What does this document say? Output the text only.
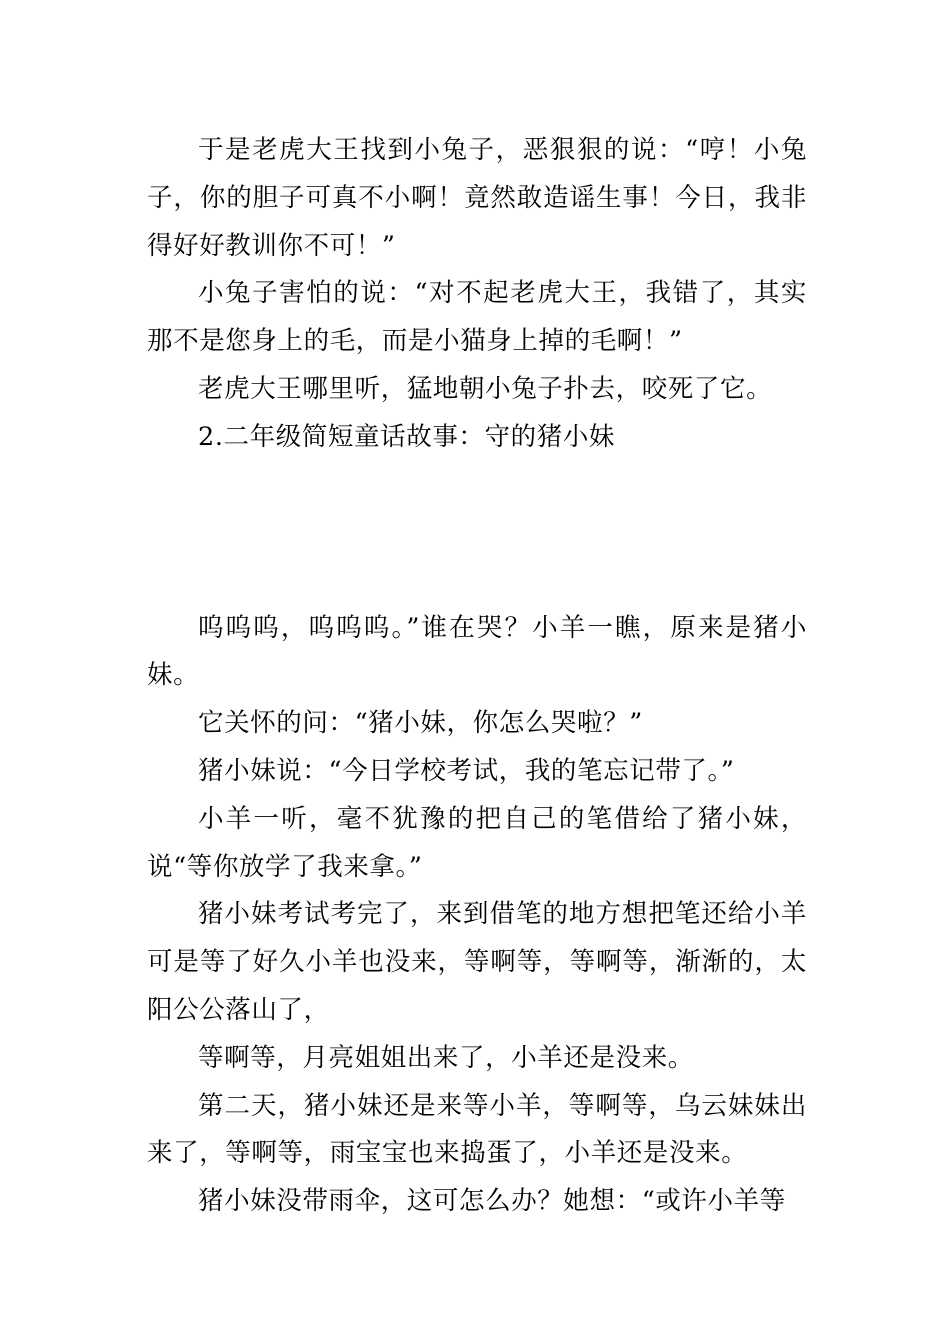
于是老虎大王找到小兔子，恶狠狠的说：“哼！小兔子，你的胆子可真不小啊！竟然敢造谣生事！今日，我非得好好教训你不可！”

小兔子害怕的说：“对不起老虎大王，我错了，其实那不是您身上的毛，而是小猫身上掉的毛啊！”

老虎大王哪里听，猛地朝小兔子扑去，咬死了它。

2.二年级简短童话故事：守的猪小妹

呜呜呜，呜呜呜。”谁在哭？小羊一瞧，原来是猪小妹。

它关怀的问：“猪小妹，你怎么哭啦？”

猪小妹说：“今日学校考试，我的笔忘记带了。”

小羊一听，毫不犹豫的把自己的笔借给了猪小妹，说“等你放学了我来拿。”

猪小妹考试考完了，来到借笔的地方想把笔还给小羊可是等了好久小羊也没来，等啊等，等啊等，渐渐的，太阳公公落山了，

等啊等，月亮姐姐出来了，小羊还是没来。

第二天，猪小妹还是来等小羊，等啊等，乌云妹妹出来了，等啊等，雨宝宝也来捣蛋了，小羊还是没来。

猪小妹没带雨伞，这可怎么办？她想：“或许小羊等
